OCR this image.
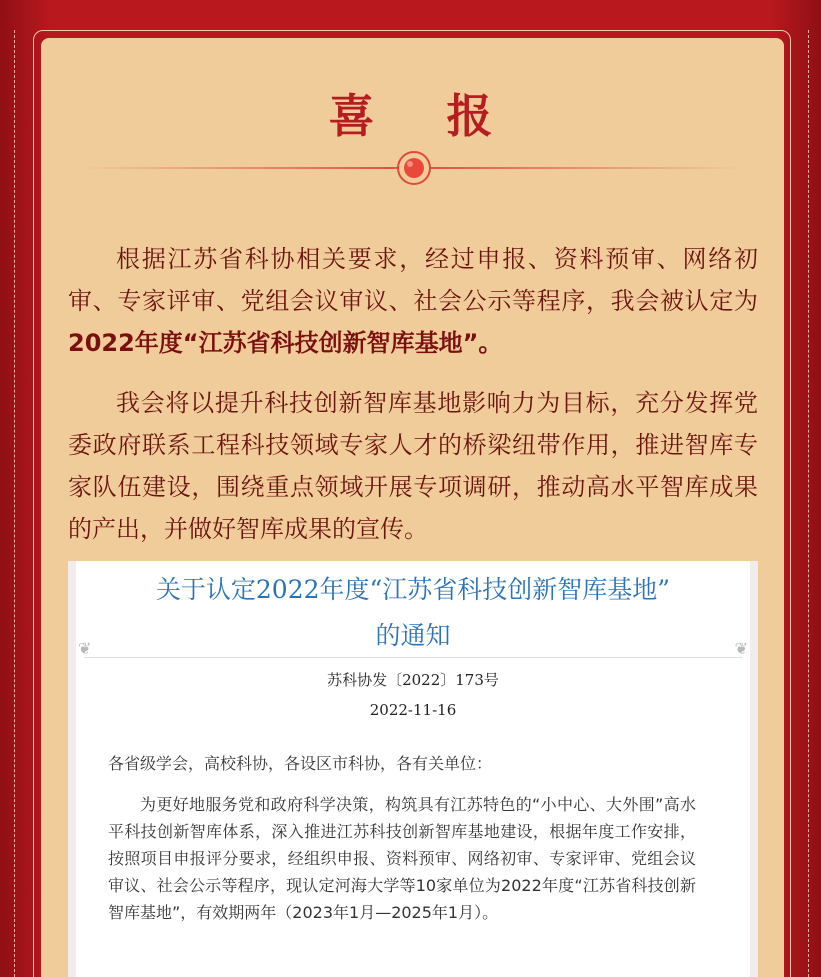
喜 报

根据江苏省科协相关要求，经过申报、资料预审、网络初审、专家评审、党组会议审议、社会公示等程序，我会被认定为2022年度“江苏省科技创新智库基地”。

我会将以提升科技创新智库基地影响力为目标，充分发挥党委政府联系工程科技领域专家人才的桥梁纽带作用，推进智库专家队伍建设，围绕重点领域开展专项调研，推动高水平智库成果的产出，并做好智库成果的宣传。

关于认定2022年度“江苏省科技创新智库基地”
的通知
❦	❦
苏科协发〔2022〕173号
2022-11-16
各省级学会，高校科协，各设区市科协，各有关单位：

为更好地服务党和政府科学决策，构筑具有江苏特色的“小中心、大外围”高水平科技创新智库体系，深入推进江苏科技创新智库基地建设，根据年度工作安排，按照项目申报评分要求，经组织申报、资料预审、网络初审、专家评审、党组会议审议、社会公示等程序，现认定河海大学等10家单位为2022年度“江苏省科技创新智库基地”，有效期两年（2023年1月—2025年1月）。
